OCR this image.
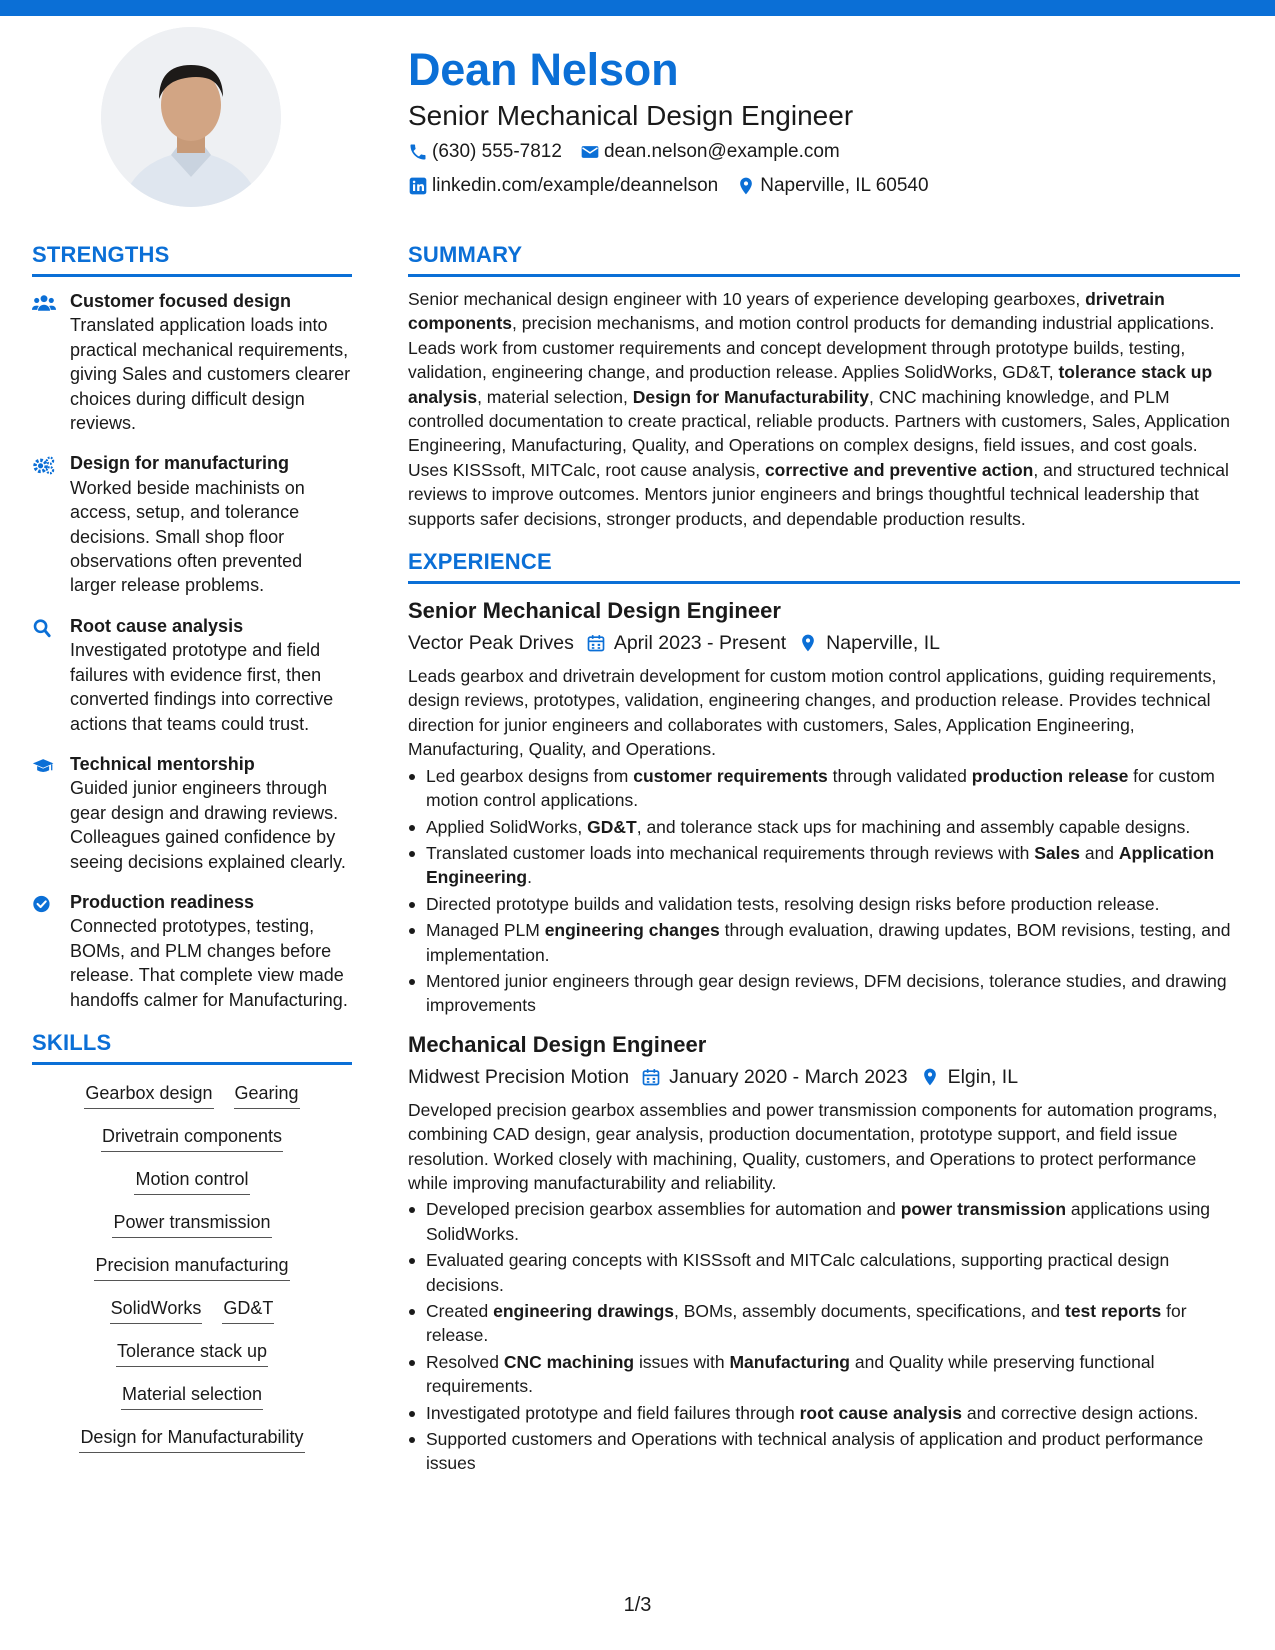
Dean Nelson
Senior Mechanical Design Engineer
(630) 555-7812 dean.nelson@example.com
linkedin.com/example/deannelson Naperville, IL 60540
STRENGTHS
Customer focused design
Translated application loads into practical mechanical requirements, giving Sales and customers clearer choices during difficult design reviews.
Design for manufacturing
Worked beside machinists on access, setup, and tolerance decisions. Small shop floor observations often prevented larger release problems.
Root cause analysis
Investigated prototype and field failures with evidence first, then converted findings into corrective actions that teams could trust.
Technical mentorship
Guided junior engineers through gear design and drawing reviews. Colleagues gained confidence by seeing decisions explained clearly.
Production readiness
Connected prototypes, testing, BOMs, and PLM changes before release. That complete view made handoffs calmer for Manufacturing.
SKILLS
Gearbox design Gearing
Drivetrain components
Motion control
Power transmission
Precision manufacturing
SolidWorks GD&T
Tolerance stack up
Material selection
Design for Manufacturability
SUMMARY
Senior mechanical design engineer with 10 years of experience developing gearboxes, drivetrain components, precision mechanisms, and motion control products for demanding industrial applications. Leads work from customer requirements and concept development through prototype builds, testing, validation, engineering change, and production release. Applies SolidWorks, GD&T, tolerance stack up analysis, material selection, Design for Manufacturability, CNC machining knowledge, and PLM controlled documentation to create practical, reliable products. Partners with customers, Sales, Application Engineering, Manufacturing, Quality, and Operations on complex designs, field issues, and cost goals. Uses KISSsoft, MITCalc, root cause analysis, corrective and preventive action, and structured technical reviews to improve outcomes. Mentors junior engineers and brings thoughtful technical leadership that supports safer decisions, stronger products, and dependable production results.
EXPERIENCE
Senior Mechanical Design Engineer
Vector Peak Drives April 2023 - Present Naperville, IL
Leads gearbox and drivetrain development for custom motion control applications, guiding requirements, design reviews, prototypes, validation, engineering changes, and production release. Provides technical direction for junior engineers and collaborates with customers, Sales, Application Engineering, Manufacturing, Quality, and Operations.
Led gearbox designs from customer requirements through validated production release for custom motion control applications.
Applied SolidWorks, GD&T, and tolerance stack ups for machining and assembly capable designs.
Translated customer loads into mechanical requirements through reviews with Sales and Application Engineering.
Directed prototype builds and validation tests, resolving design risks before production release.
Managed PLM engineering changes through evaluation, drawing updates, BOM revisions, testing, and implementation.
Mentored junior engineers through gear design reviews, DFM decisions, tolerance studies, and drawing improvements
Mechanical Design Engineer
Midwest Precision Motion January 2020 - March 2023 Elgin, IL
Developed precision gearbox assemblies and power transmission components for automation programs, combining CAD design, gear analysis, production documentation, prototype support, and field issue resolution. Worked closely with machining, Quality, customers, and Operations to protect performance while improving manufacturability and reliability.
Developed precision gearbox assemblies for automation and power transmission applications using SolidWorks.
Evaluated gearing concepts with KISSsoft and MITCalc calculations, supporting practical design decisions.
Created engineering drawings, BOMs, assembly documents, specifications, and test reports for release.
Resolved CNC machining issues with Manufacturing and Quality while preserving functional requirements.
Investigated prototype and field failures through root cause analysis and corrective design actions.
Supported customers and Operations with technical analysis of application and product performance issues
1/3
